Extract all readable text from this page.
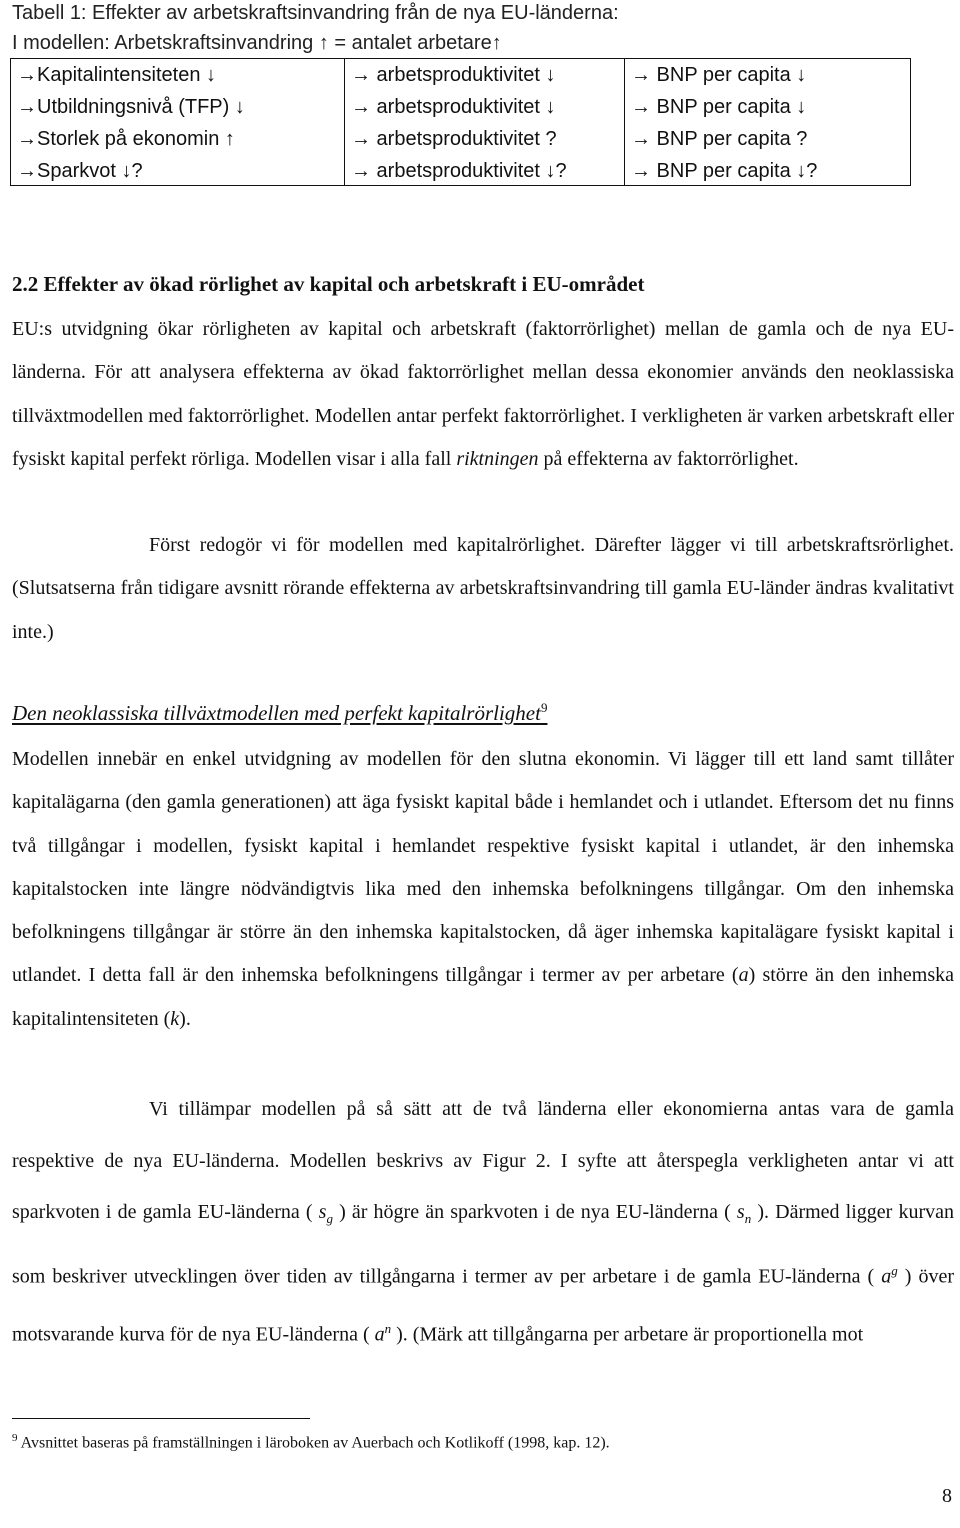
Tabell 1: Effekter av arbetskraftsinvandring från de nya EU-länderna:
I modellen: Arbetskraftsinvandring ↑ = antalet arbetare↑
→Kapitalintensiteten ↓	→ arbetsproduktivitet ↓	→ BNP per capita ↓
→Utbildningsnivå (TFP) ↓	→ arbetsproduktivitet ↓	→ BNP per capita ↓
→Storlek på ekonomin ↑	→ arbetsproduktivitet ?	→ BNP per capita ?
→Sparkvot ↓?	→ arbetsproduktivitet ↓?	→ BNP per capita ↓?
2.2 Effekter av ökad rörlighet av kapital och arbetskraft i EU-området
EU:s utvidgning ökar rörligheten av kapital och arbetskraft (faktorrörlighet) mellan de gamla och de nya EU-länderna. För att analysera effekterna av ökad faktorrörlighet mellan dessa ekonomier används den neoklassiska tillväxtmodellen med faktorrörlighet. Modellen antar perfekt faktorrörlighet. I verkligheten är varken arbetskraft eller fysiskt kapital perfekt rörliga. Modellen visar i alla fall riktningen på effekterna av faktorrörlighet.
Först redogör vi för modellen med kapitalrörlighet. Därefter lägger vi till arbetskraftsrörlighet. (Slutsatserna från tidigare avsnitt rörande effekterna av arbetskraftsinvandring till gamla EU-länder ändras kvalitativt inte.)
Den neoklassiska tillväxtmodellen med perfekt kapitalrörlighet$^9$
Modellen innebär en enkel utvidgning av modellen för den slutna ekonomin. Vi lägger till ett land samt tillåter kapitalägarna (den gamla generationen) att äga fysiskt kapital både i hemlandet och i utlandet. Eftersom det nu finns två tillgångar i modellen, fysiskt kapital i hemlandet respektive fysiskt kapital i utlandet, är den inhemska kapitalstocken inte längre nödvändigtvis lika med den inhemska befolkningens tillgångar. Om den inhemska befolkningens tillgångar är större än den inhemska kapitalstocken, då äger inhemska kapitalägare fysiskt kapital i utlandet. I detta fall är den inhemska befolkningens tillgångar i termer av per arbetare (a) större än den inhemska kapitalintensiteten (k).
Vi tillämpar modellen på så sätt att de två länderna eller ekonomierna antas vara de gamla respektive de nya EU-länderna. Modellen beskrivs av Figur 2. I syfte att återspegla verkligheten antar vi att sparkvoten i de gamla EU-länderna ( $s_g$ ) är högre än sparkvoten i de nya EU-länderna ( $s_n$ ). Därmed ligger kurvan som beskriver utvecklingen över tiden av tillgångarna i termer av per arbetare i de gamla EU-länderna ( $a^g$ ) över motsvarande kurva för de nya EU-länderna ( $a^n$ ). (Märk att tillgångarna per arbetare är proportionella mot
$^9$ Avsnittet baseras på framställningen i läroboken av Auerbach och Kotlikoff (1998, kap. 12).
8
